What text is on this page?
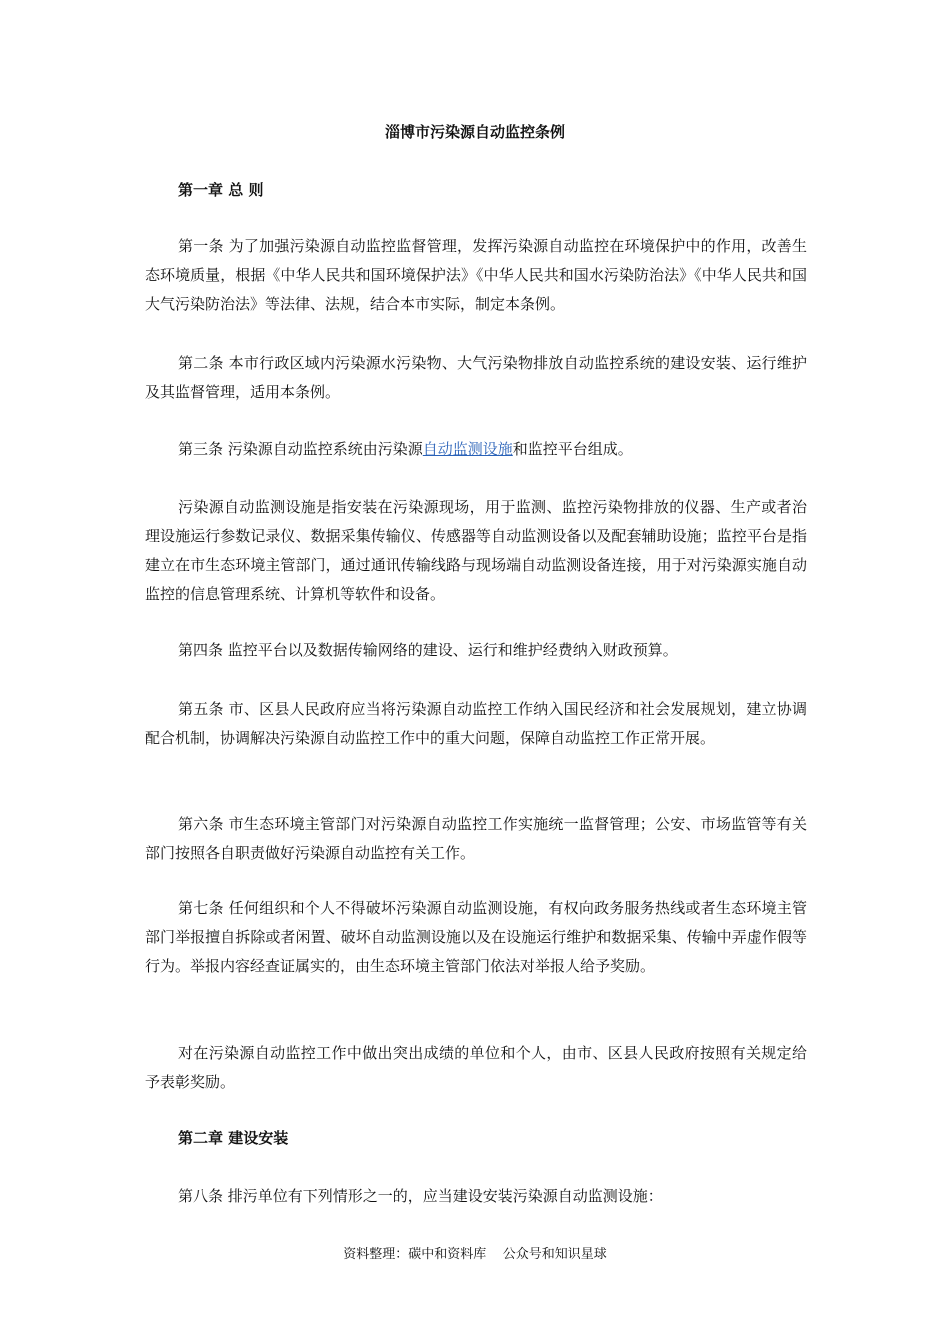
淄博市污染源自动监控条例
第一章 总 则

第一条 为了加强污染源自动监控监督管理，发挥污染源自动监控在环境保护中的作用，改善生态环境质量，根据《中华人民共和国环境保护法》《中华人民共和国水污染防治法》《中华人民共和国大气污染防治法》等法律、法规，结合本市实际，制定本条例。

第二条 本市行政区域内污染源水污染物、大气污染物排放自动监控系统的建设安装、运行维护及其监督管理，适用本条例。

第三条 污染源自动监控系统由污染源自动监测设施和监控平台组成。

污染源自动监测设施是指安装在污染源现场，用于监测、监控污染物排放的仪器、生产或者治理设施运行参数记录仪、数据采集传输仪、传感器等自动监测设备以及配套辅助设施；监控平台是指建立在市生态环境主管部门，通过通讯传输线路与现场端自动监测设备连接，用于对污染源实施自动监控的信息管理系统、计算机等软件和设备。

第四条 监控平台以及数据传输网络的建设、运行和维护经费纳入财政预算。

第五条 市、区县人民政府应当将污染源自动监控工作纳入国民经济和社会发展规划，建立协调配合机制，协调解决污染源自动监控工作中的重大问题，保障自动监控工作正常开展。

第六条 市生态环境主管部门对污染源自动监控工作实施统一监督管理；公安、市场监管等有关部门按照各自职责做好污染源自动监控有关工作。

第七条 任何组织和个人不得破坏污染源自动监测设施，有权向政务服务热线或者生态环境主管部门举报擅自拆除或者闲置、破坏自动监测设施以及在设施运行维护和数据采集、传输中弄虚作假等行为。举报内容经查证属实的，由生态环境主管部门依法对举报人给予奖励。

对在污染源自动监控工作中做出突出成绩的单位和个人，由市、区县人民政府按照有关规定给予表彰奖励。

第二章 建设安装

第八条 排污单位有下列情形之一的，应当建设安装污染源自动监测设施：

资料整理：碳中和资料库    公众号和知识星球
